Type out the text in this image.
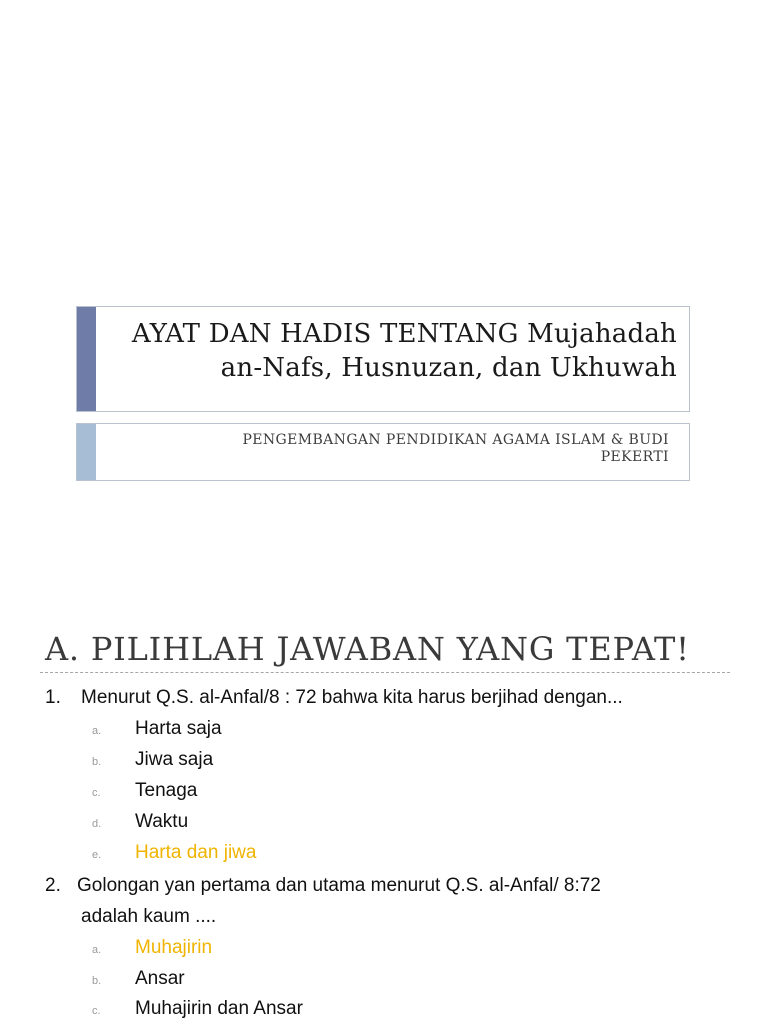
AYAT DAN HADIS TENTANG Mujahadah
an-Nafs, Husnuzan, dan Ukhuwah
PENGEMBANGAN PENDIDIKAN AGAMA ISLAM & BUDI
PEKERTI
A. PILIHLAH JAWABAN YANG TEPAT!
1. Menurut Q.S. al-Anfal/8 : 72 bahwa kita harus berjihad dengan...
a. Harta saja
b. Jiwa saja
c. Tenaga
d. Waktu
e. Harta dan jiwa
2. Golongan yan pertama dan utama menurut Q.S. al-Anfal/ 8:72
adalah kaum ....
a. Muhajirin
b. Ansar
c. Muhajirin dan Ansar
